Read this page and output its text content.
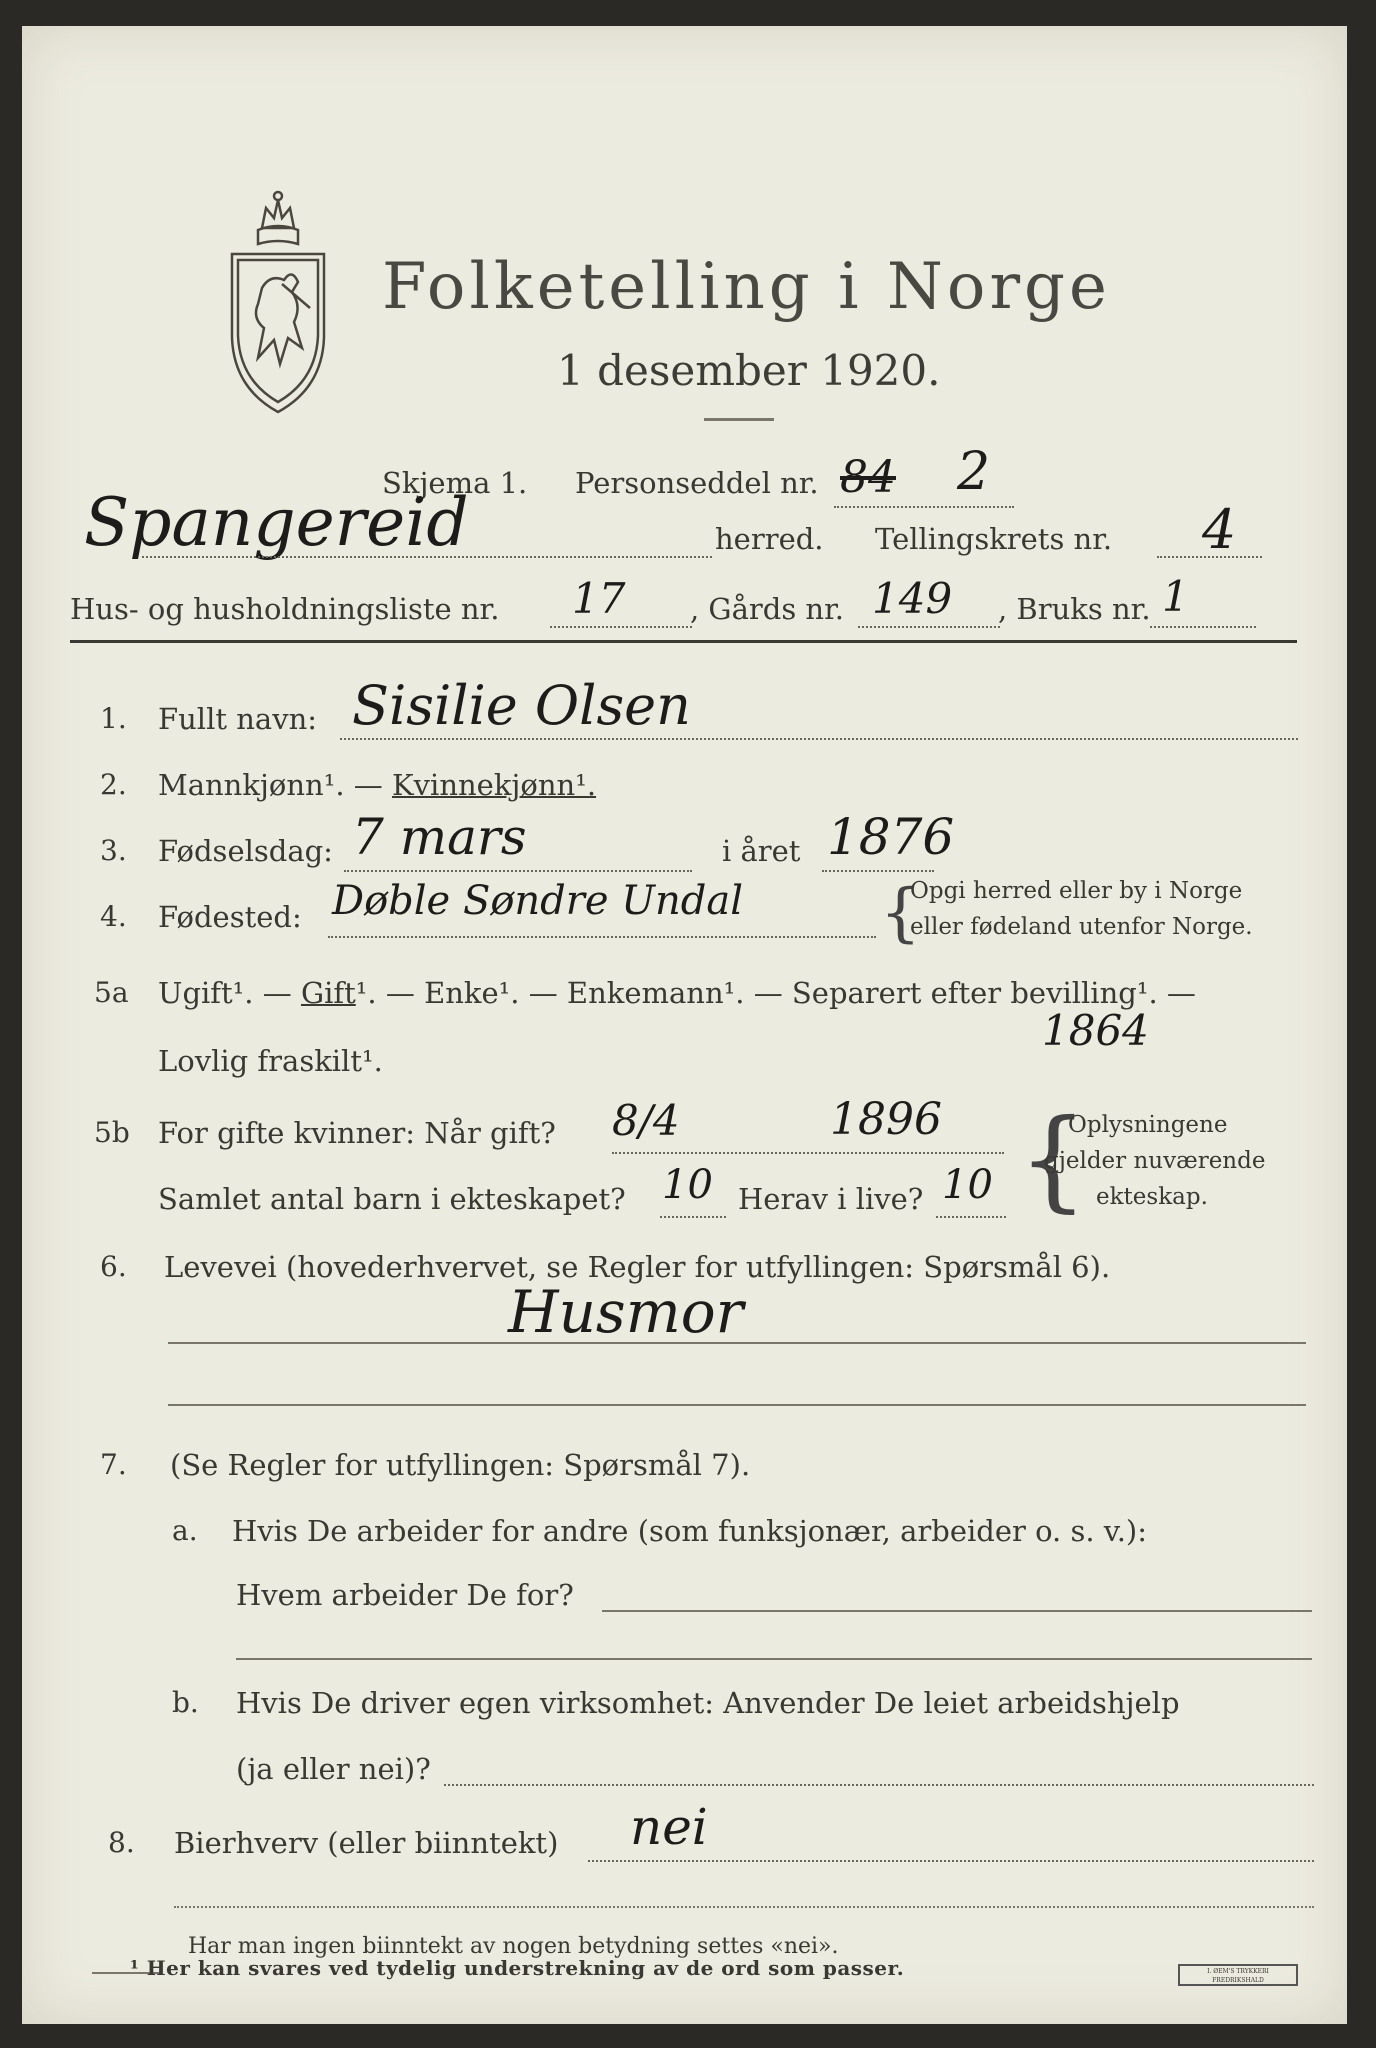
Folketelling i Norge
1 desember 1920.
Skjema 1. Personseddel nr. 84 2
Spangereid	herred. Tellingskrets nr. 4
Hus- og husholdningsliste nr. 17 , Gårds nr. 149 , Bruks nr. 1
1. Fullt navn: Sisilie Olsen
2. Mannkjønn¹. — Kvinnekjønn¹.
3. Fødselsdag: 7 mars	i året 1876
4. Fødested: Døble Søndre Undal {
Opgi herred eller by i Norge
eller fødeland utenfor Norge.
5a Ugift¹. — Gift¹. — Enke¹. — Enkemann¹. — Separert efter bevilling¹. —
1864
Lovlig fraskilt¹.
5b For gifte kvinner: Når gift? 8/4	1896
Samlet antal barn i ekteskapet? 10 Herav i live? 10 {
Oplysningene
gjelder nuværende
ekteskap.
6. Levevei (hovederhvervet, se Regler for utfyllingen: Spørsmål 6).
Husmor
7. (Se Regler for utfyllingen: Spørsmål 7).
a. Hvis De arbeider for andre (som funksjonær, arbeider o. s. v.):
Hvem arbeider De for?
b. Hvis De driver egen virksomhet: Anvender De leiet arbeidshjelp
(ja eller nei)?
8. Bierhverv (eller biinntekt) nei
Har man ingen biinntekt av nogen betydning settes «nei».
¹ Her kan svares ved tydelig understrekning av de ord som passer.	I. ØEM'S TRYKKERI FREDRIKSHALD
